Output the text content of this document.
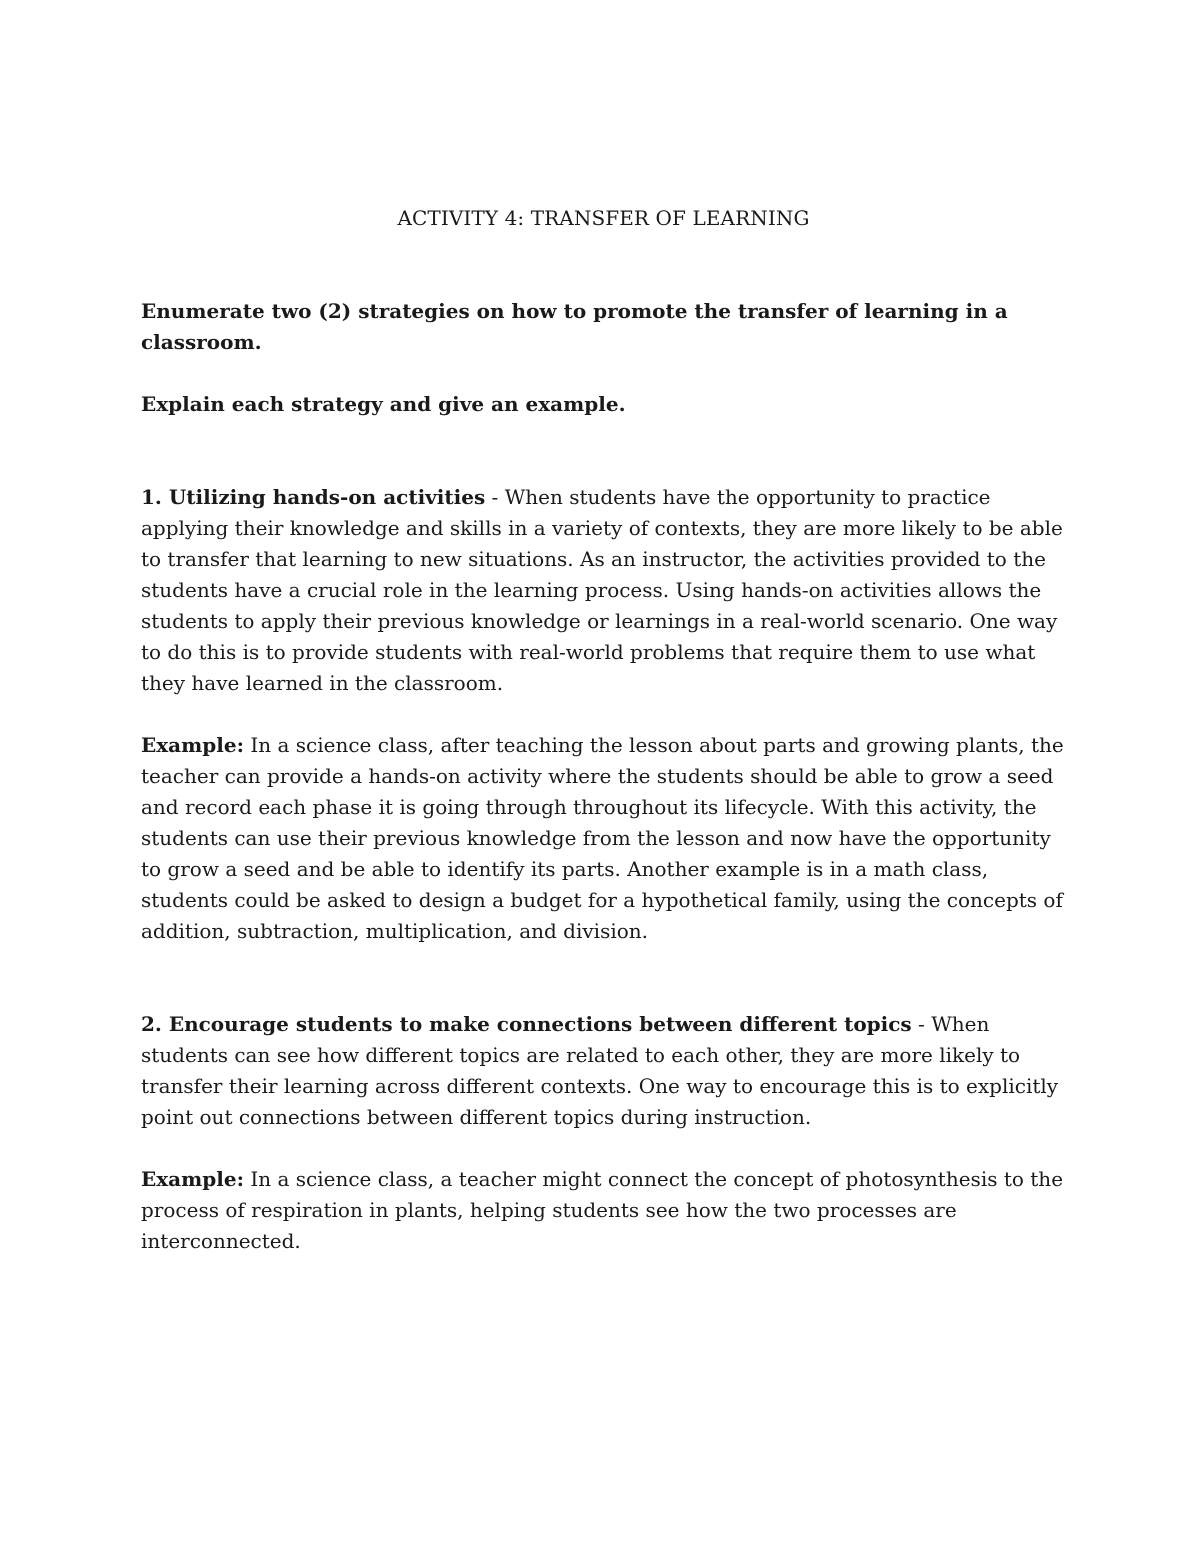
ACTIVITY 4: TRANSFER OF LEARNING

Enumerate two (2) strategies on how to promote the transfer of learning in a classroom.

Explain each strategy and give an example.

1. Utilizing hands-on activities - When students have the opportunity to practice applying their knowledge and skills in a variety of contexts, they are more likely to be able to transfer that learning to new situations. As an instructor, the activities provided to the students have a crucial role in the learning process. Using hands-on activities allows the students to apply their previous knowledge or learnings in a real-world scenario. One way to do this is to provide students with real-world problems that require them to use what they have learned in the classroom.

Example: In a science class, after teaching the lesson about parts and growing plants, the teacher can provide a hands-on activity where the students should be able to grow a seed and record each phase it is going through throughout its lifecycle. With this activity, the students can use their previous knowledge from the lesson and now have the opportunity to grow a seed and be able to identify its parts. Another example is in a math class, students could be asked to design a budget for a hypothetical family, using the concepts of addition, subtraction, multiplication, and division.

2. Encourage students to make connections between different topics - When students can see how different topics are related to each other, they are more likely to transfer their learning across different contexts. One way to encourage this is to explicitly point out connections between different topics during instruction.

Example: In a science class, a teacher might connect the concept of photosynthesis to the process of respiration in plants, helping students see how the two processes are interconnected.
